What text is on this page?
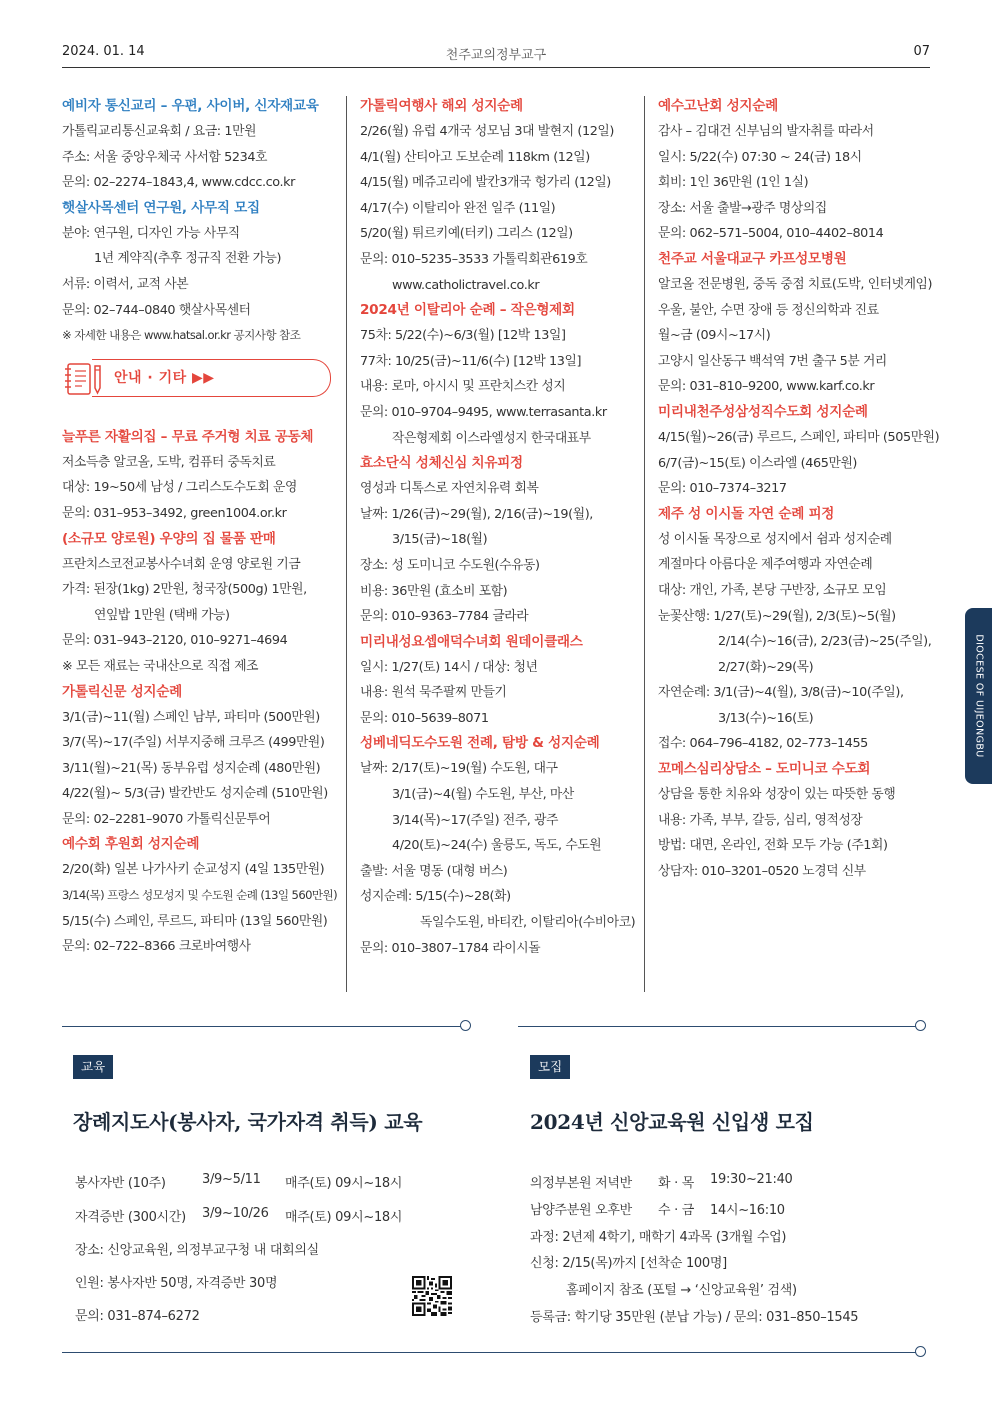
2024. 01. 14	천주교의정부교구	07

예비자 통신교리 – 우편, 사이버, 신자재교육

가톨릭교리통신교육회 / 요금: 1만원

주소: 서울 중앙우체국 사서함 5234호

문의: 02–2274–1843,4, www.cdcc.co.kr

햇살사목센터 연구원, 사무직 모집

분야: 연구원, 디자인 가능 사무직

1년 계약직(추후 정규직 전환 가능)

서류: 이력서, 교적 사본

문의: 02–744–0840 햇살사목센터

※ 자세한 내용은 www.hatsal.or.kr 공지사항 참조

안내 · 기타 ▶▶

늘푸른 자활의집 – 무료 주거형 치료 공동체

저소득층 알코올, 도박, 컴퓨터 중독치료

대상: 19~50세 남성 / 그리스도수도회 운영

문의: 031–953–3492, green1004.or.kr

(소규모 양로원) 우양의 집 물품 판매

프란치스코전교봉사수녀회 운영 양로원 기금

가격: 된장(1kg) 2만원, 청국장(500g) 1만원,

연잎밥 1만원 (택배 가능)

문의: 031–943–2120, 010–9271–4694

※ 모든 재료는 국내산으로 직접 제조

가톨릭신문 성지순례

3/1(금)~11(월) 스페인 남부, 파티마 (500만원)

3/7(목)~17(주일) 서부지중해 크루즈 (499만원)

3/11(월)~21(목) 동부유럽 성지순례 (480만원)

4/22(월)~ 5/3(금) 발칸반도 성지순례 (510만원)

문의: 02–2281–9070 가톨릭신문투어

예수회 후원회 성지순례

2/20(화) 일본 나가사키 순교성지 (4일 135만원)

3/14(목) 프랑스 성모성지 및 수도원 순례 (13일 560만원)

5/15(수) 스페인, 루르드, 파티마 (13일 560만원)

문의: 02–722–8366 크로바여행사

가톨릭여행사 해외 성지순례

2/26(월) 유럽 4개국 성모님 3대 발현지 (12일)

4/1(월) 산티아고 도보순례 118km (12일)

4/15(월) 메쥬고리에 발칸3개국 헝가리 (12일)

4/17(수) 이탈리아 완전 일주 (11일)

5/20(월) 튀르키예(터키) 그리스 (12일)

문의: 010–5235–3533 가톨릭회관619호

www.catholictravel.co.kr

2024년 이탈리아 순례 – 작은형제회

75차: 5/22(수)~6/3(월) [12박 13일]

77차: 10/25(금)~11/6(수) [12박 13일]

내용: 로마, 아시시 및 프란치스칸 성지

문의: 010–9704–9495, www.terrasanta.kr

작은형제회 이스라엘성지 한국대표부

효소단식 성체신심 치유피정

영성과 디톡스로 자연치유력 회복

날짜: 1/26(금)~29(월), 2/16(금)~19(월),

3/15(금)~18(월)

장소: 성 도미니코 수도원(수유동)

비용: 36만원 (효소비 포함)

문의: 010–9363–7784 글라라

미리내성요셉애덕수녀회 원데이클래스

일시: 1/27(토) 14시 / 대상: 청년

내용: 원석 묵주팔찌 만들기

문의: 010–5639–8071

성베네딕도수도원 전례, 탐방 & 성지순례

날짜: 2/17(토)~19(월) 수도원, 대구

3/1(금)~4(월) 수도원, 부산, 마산

3/14(목)~17(주일) 전주, 광주

4/20(토)~24(수) 울릉도, 독도, 수도원

출발: 서울 명동 (대형 버스)

성지순례: 5/15(수)~28(화)

독일수도원, 바티칸, 이탈리아(수비아코)

문의: 010–3807–1784 라이시돌

예수고난회 성지순례

감사 – 김대건 신부님의 발자취를 따라서

일시: 5/22(수) 07:30 ~ 24(금) 18시

회비: 1인 36만원 (1인 1실)

장소: 서울 출발→광주 명상의집

문의: 062–571–5004, 010–4402–8014

천주교 서울대교구 카프성모병원

알코올 전문병원, 중독 중점 치료(도박, 인터넷게임)

우울, 불안, 수면 장애 등 정신의학과 진료

월~금 (09시~17시)

고양시 일산동구 백석역 7번 출구 5분 거리

문의: 031–810–9200, www.karf.co.kr

미리내천주성삼성직수도회 성지순례

4/15(월)~26(금) 루르드, 스페인, 파티마 (505만원)

6/7(금)~15(토) 이스라엘 (465만원)

문의: 010–7374–3217

제주 성 이시돌 자연 순례 피정

성 이시돌 목장으로 성지에서 쉼과 성지순례

계절마다 아름다운 제주여행과 자연순례

대상: 개인, 가족, 본당 구반장, 소규모 모임

눈꽃산행: 1/27(토)~29(월), 2/3(토)~5(월)

2/14(수)~16(금), 2/23(금)~25(주일),

2/27(화)~29(목)

자연순례: 3/1(금)~4(월), 3/8(금)~10(주일),

3/13(수)~16(토)

접수: 064–796–4182, 02–773–1455

꼬메스심리상담소 – 도미니코 수도회

상담을 통한 치유와 성장이 있는 따뜻한 동행

내용: 가족, 부부, 갈등, 심리, 영적성장

방법: 대면, 온라인, 전화 모두 가능 (주1회)

상담자: 010–3201–0520 노경덕 신부

DIOCESE OF UIJEONGBU
교육
장례지도사(봉사자, 국가자격 취득) 교육
봉사자반 (10주)	3/9~5/11 매주(토) 09시~18시
자격증반 (300시간) 3/9~10/26 매주(토) 09시~18시
장소: 신앙교육원, 의정부교구청 내 대회의실
인원: 봉사자반 50명, 자격증반 30명
문의: 031–874–6272
모집
2024년 신앙교육원 신입생 모집
의정부본원 저녁반 화 · 목 19:30~21:40
남양주분원 오후반 수 · 금 14시~16:10
과정: 2년제 4학기, 매학기 4과목 (3개월 수업)
신청: 2/15(목)까지 [선착순 100명]
홈페이지 참조 (포털 → ‘신앙교육원’ 검색)
등록금: 학기당 35만원 (분납 가능) / 문의: 031–850–1545
